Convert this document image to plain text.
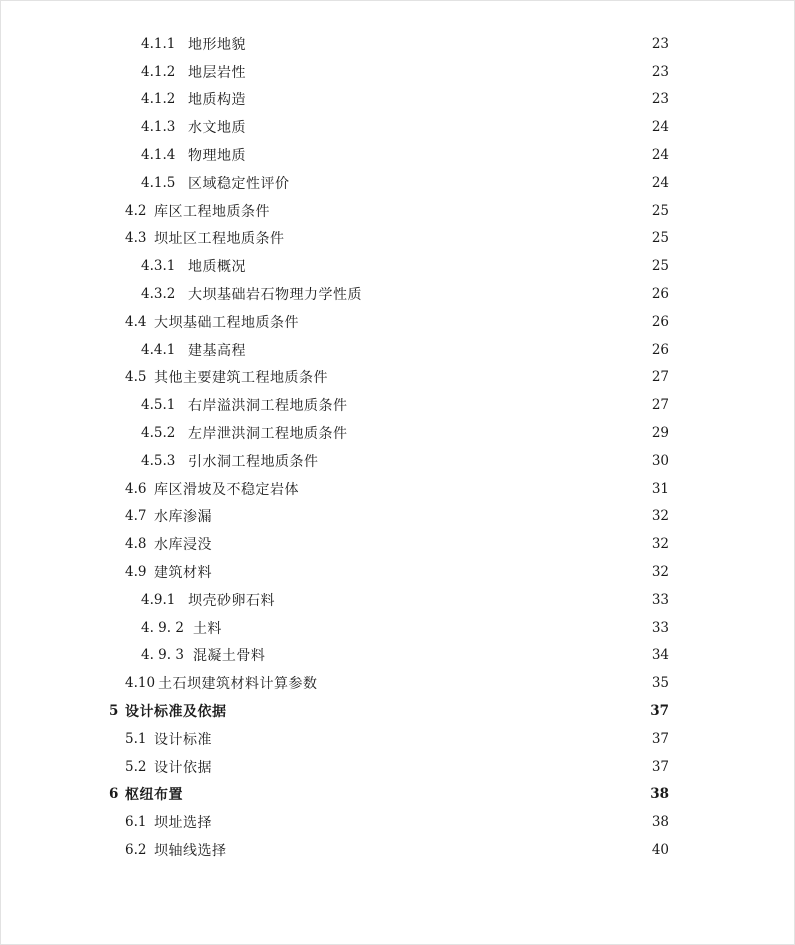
4.1.1 地形地貌	23
4.1.2 地层岩性	23
4.1.2 地质构造	23
4.1.3 水文地质	24
4.1.4 物理地质	24
4.1.5 区域稳定性评价	24
4.2 库区工程地质条件	25
4.3 坝址区工程地质条件	25
4.3.1 地质概况	25
4.3.2 大坝基础岩石物理力学性质	26
4.4 大坝基础工程地质条件	26
4.4.1 建基高程	26
4.5 其他主要建筑工程地质条件	27
4.5.1 右岸溢洪洞工程地质条件	27
4.5.2 左岸泄洪洞工程地质条件	29
4.5.3 引水洞工程地质条件	30
4.6 库区滑坡及不稳定岩体	31
4.7 水库渗漏	32
4.8 水库浸没	32
4.9 建筑材料	32
4.9.1 坝壳砂卵石料	33
4. 9. 2 土料	33
4. 9. 3 混凝土骨料	34
4.10 土石坝建筑材料计算参数	35
5 设计标准及依据	37
5.1 设计标准	37
5.2 设计依据	37
6 枢纽布置	38
6.1 坝址选择	38
6.2 坝轴线选择	40
